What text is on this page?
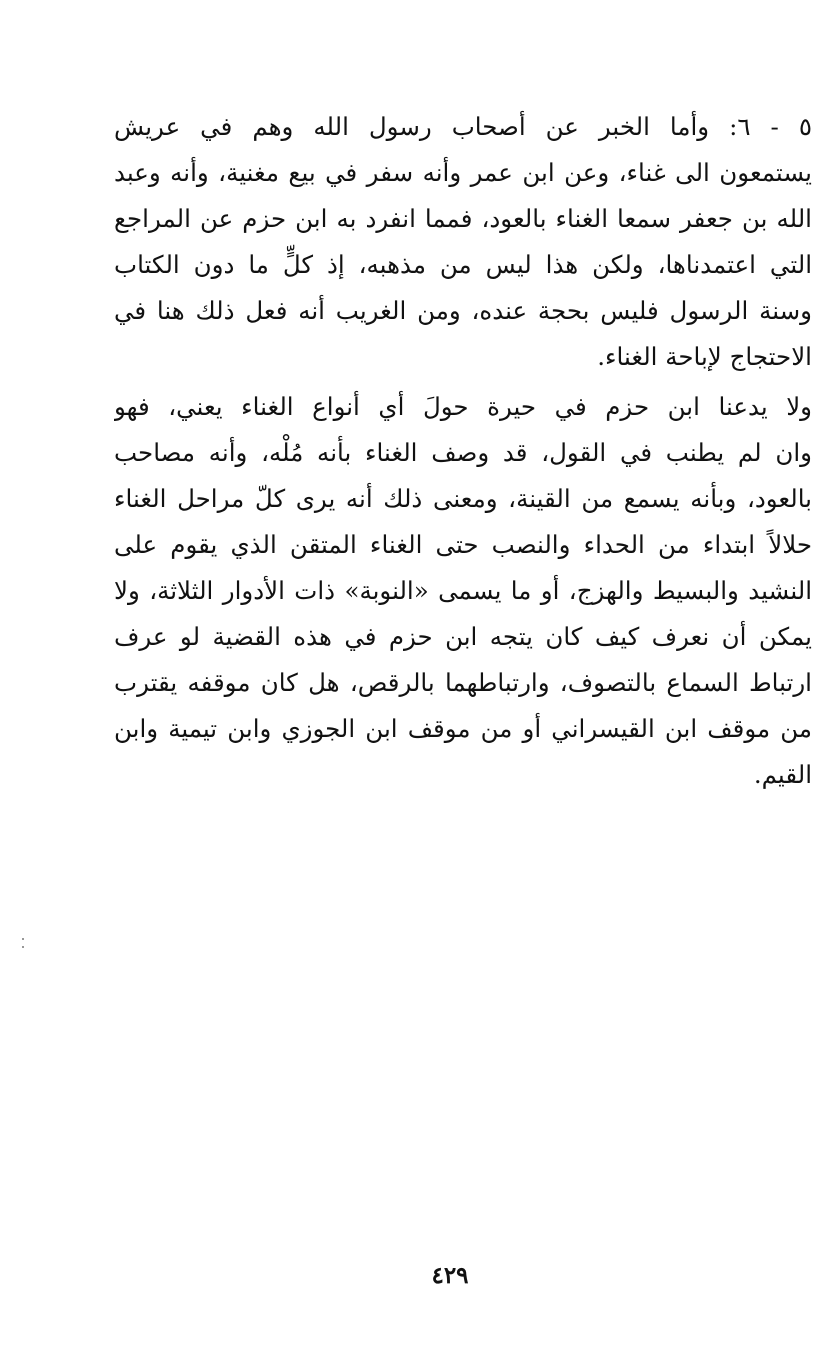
٥ - ٦: وأما الخبر عن أصحاب رسول الله وهم في عريش
يستمعون الى غناء، وعن ابن عمر وأنه سفر في بيع مغنية، وأنه وعبد
الله بن جعفر سمعا الغناء بالعود، فمما انفرد به ابن حزم عن المراجع
التي اعتمدناها، ولكن هذا ليس من مذهبه، إذ كلٍّ ما دون الكتاب
وسنة الرسول فليس بحجة عنده، ومن الغريب أنه فعل ذلك هنا في
الاحتجاج لإباحة الغناء.
ولا يدعنا ابن حزم في حيرة حولَ أي أنواع الغناء يعني، فهو
وان لم يطنب في القول، قد وصف الغناء بأنه مُلْه، وأنه مصاحب
بالعود، وبأنه يسمع من القينة، ومعنى ذلك أنه يرى كلّ مراحل الغناء
حلالاً ابتداء من الحداء والنصب حتى الغناء المتقن الذي يقوم على
النشيد والبسيط والهزج، أو ما يسمى «النوبة» ذات الأدوار الثلاثة، ولا
يمكن أن نعرف كيف كان يتجه ابن حزم في هذه القضية لو عرف
ارتباط السماع بالتصوف، وارتباطهما بالرقص، هل كان موقفه يقترب
من موقف ابن القيسراني أو من موقف ابن الجوزي وابن تيمية وابن
القيم.
٤٢٩
